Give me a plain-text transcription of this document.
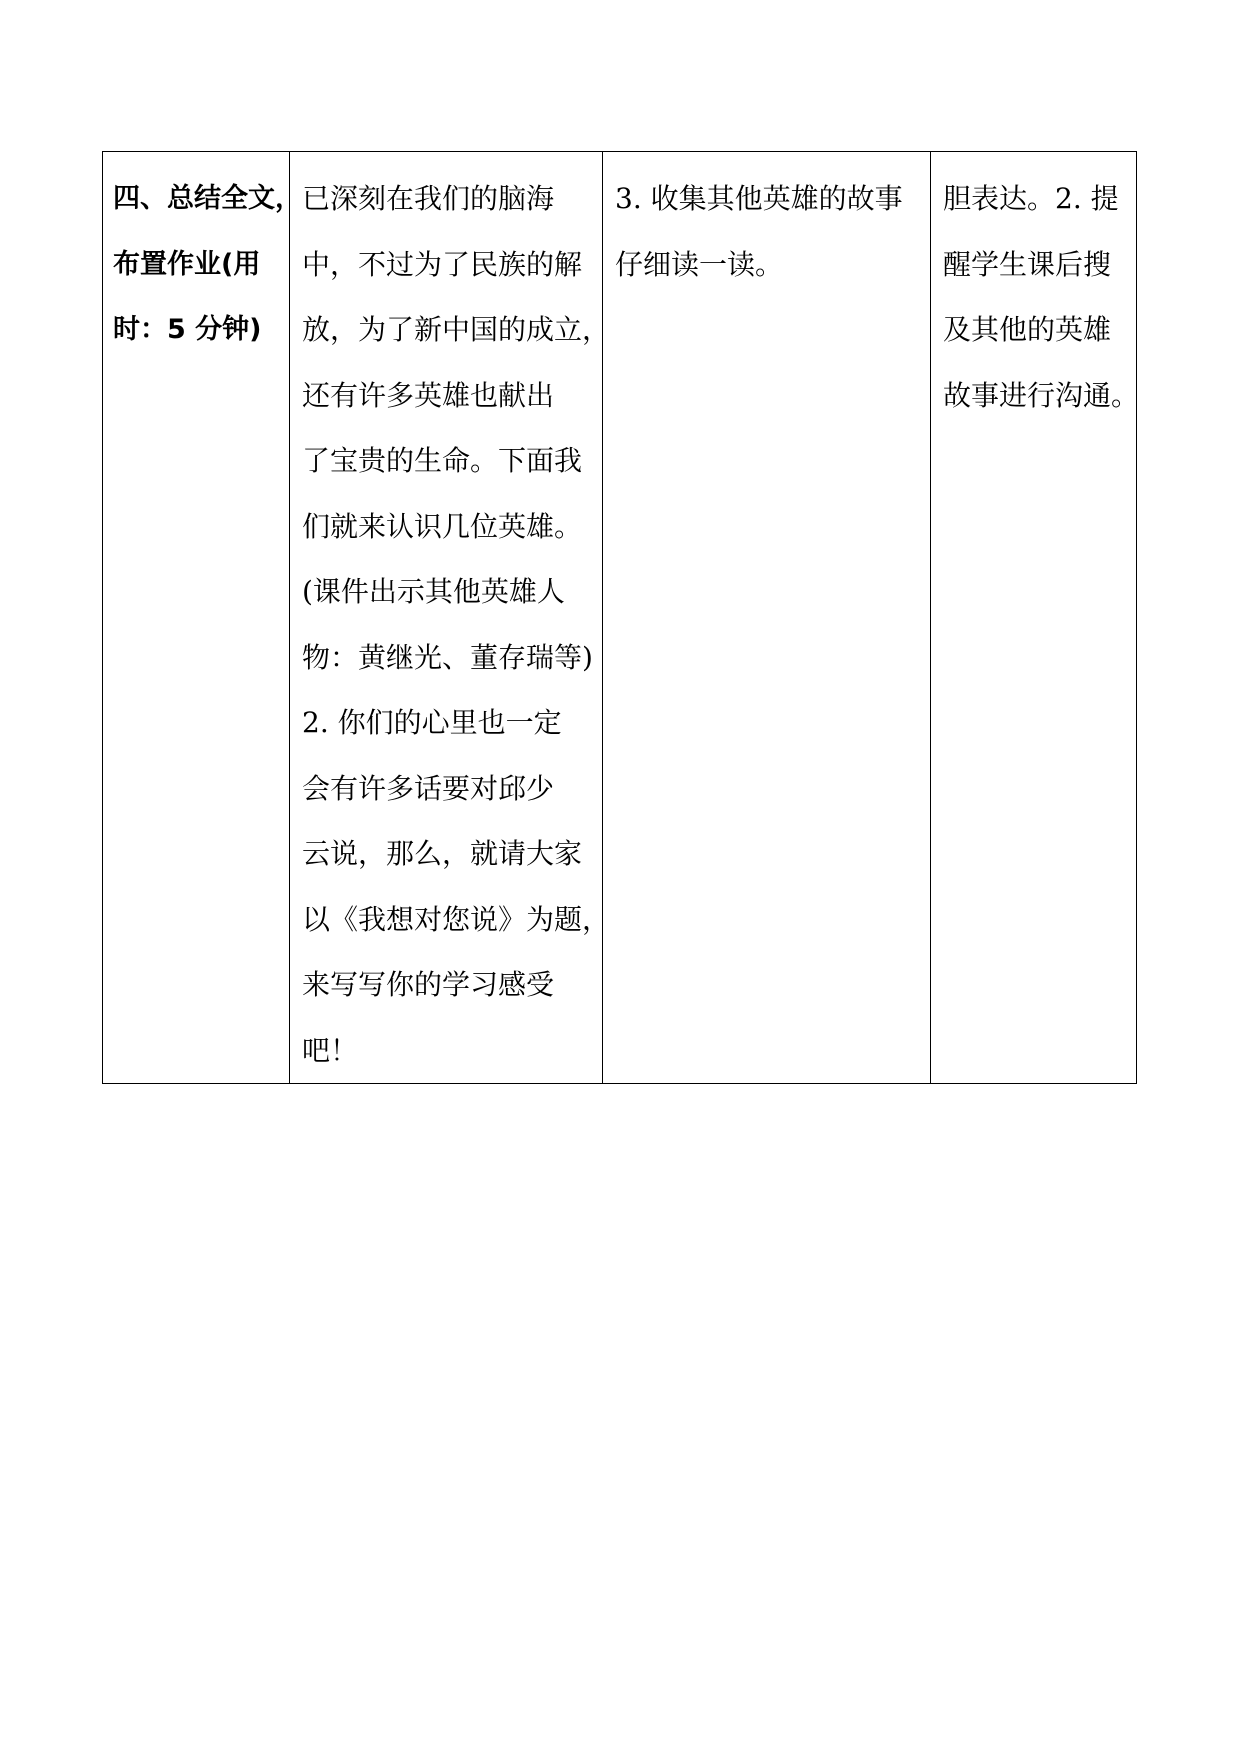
四、总结全文，
布置作业(用
时：5 分钟)

已深刻在我们的脑海
中，不过为了民族的解
放，为了新中国的成立，
还有许多英雄也献出
了宝贵的生命。下面我
们就来认识几位英雄。
(课件出示其他英雄人
物：黄继光、董存瑞等)
2. 你们的心里也一定
会有许多话要对邱少
云说，那么，就请大家
以《我想对您说》为题，
来写写你的学习感受
吧！

3. 收集其他英雄的故事
仔细读一读。

胆表达。2. 提
醒学生课后搜
及其他的英雄
故事进行沟通。
